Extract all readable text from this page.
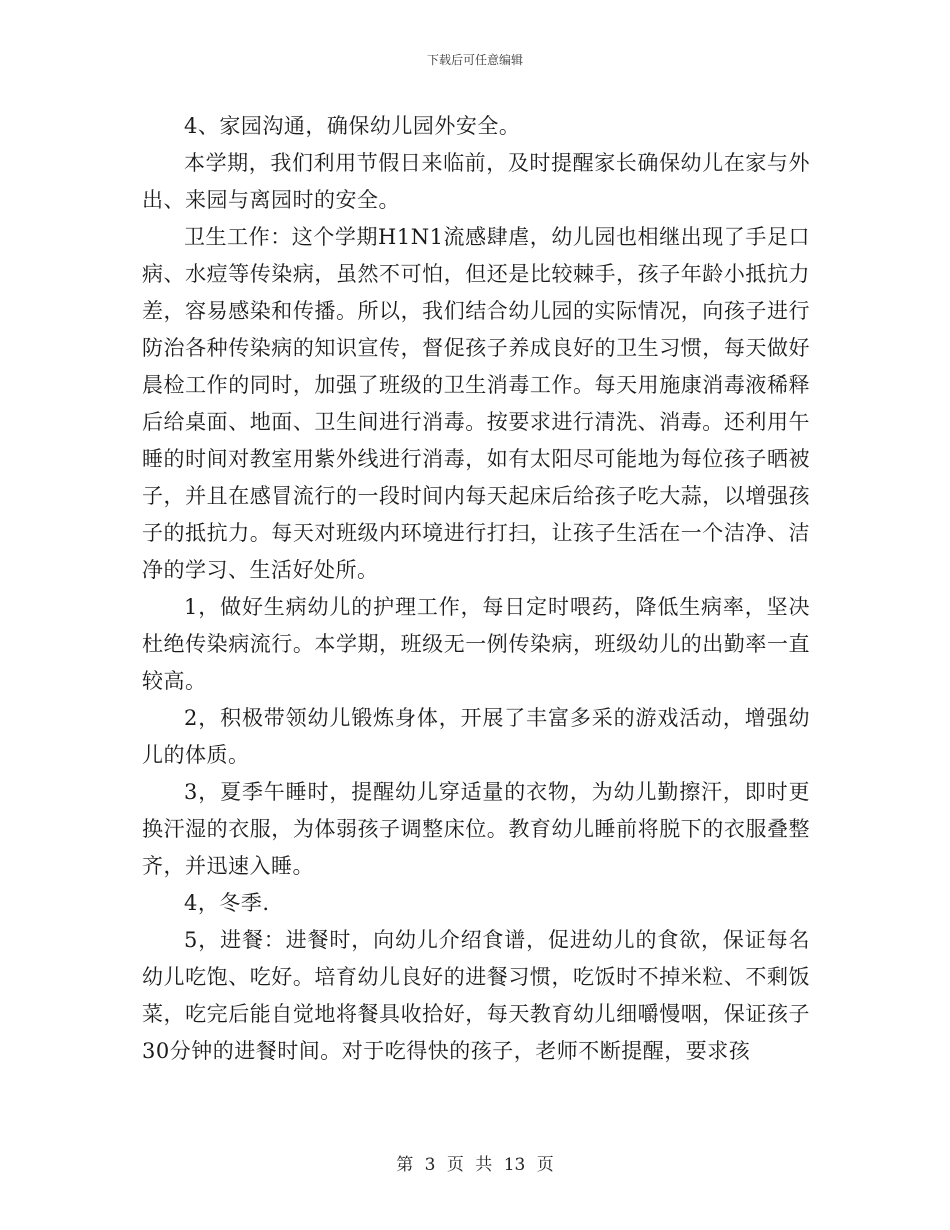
下载后可任意编辑

4、家园沟通，确保幼儿园外安全。

本学期，我们利用节假日来临前，及时提醒家长确保幼儿在家与外出、来园与离园时的安全。

卫生工作：这个学期H1N1流感肆虐，幼儿园也相继出现了手足口病、水痘等传染病，虽然不可怕，但还是比较棘手，孩子年龄小抵抗力差，容易感染和传播。所以，我们结合幼儿园的实际情况，向孩子进行防治各种传染病的知识宣传，督促孩子养成良好的卫生习惯，每天做好晨检工作的同时，加强了班级的卫生消毒工作。每天用施康消毒液稀释后给桌面、地面、卫生间进行消毒。按要求进行清洗、消毒。还利用午睡的时间对教室用紫外线进行消毒，如有太阳尽可能地为每位孩子晒被子，并且在感冒流行的一段时间内每天起床后给孩子吃大蒜，以增强孩子的抵抗力。每天对班级内环境进行打扫，让孩子生活在一个洁净、洁净的学习、生活好处所。

1，做好生病幼儿的护理工作，每日定时喂药，降低生病率，坚决杜绝传染病流行。本学期，班级无一例传染病，班级幼儿的出勤率一直较高。

2，积极带领幼儿锻炼身体，开展了丰富多采的游戏活动，增强幼儿的体质。

3，夏季午睡时，提醒幼儿穿适量的衣物，为幼儿勤擦汗，即时更换汗湿的衣服，为体弱孩子调整床位。教育幼儿睡前将脱下的衣服叠整齐，并迅速入睡。

4，冬季.

5，进餐：进餐时，向幼儿介绍食谱，促进幼儿的食欲，保证每名幼儿吃饱、吃好。培育幼儿良好的进餐习惯，吃饭时不掉米粒、不剩饭菜，吃完后能自觉地将餐具收拾好，每天教育幼儿细嚼慢咽，保证孩子30分钟的进餐时间。对于吃得快的孩子，老师不断提醒，要求孩

第 3 页 共 13 页
